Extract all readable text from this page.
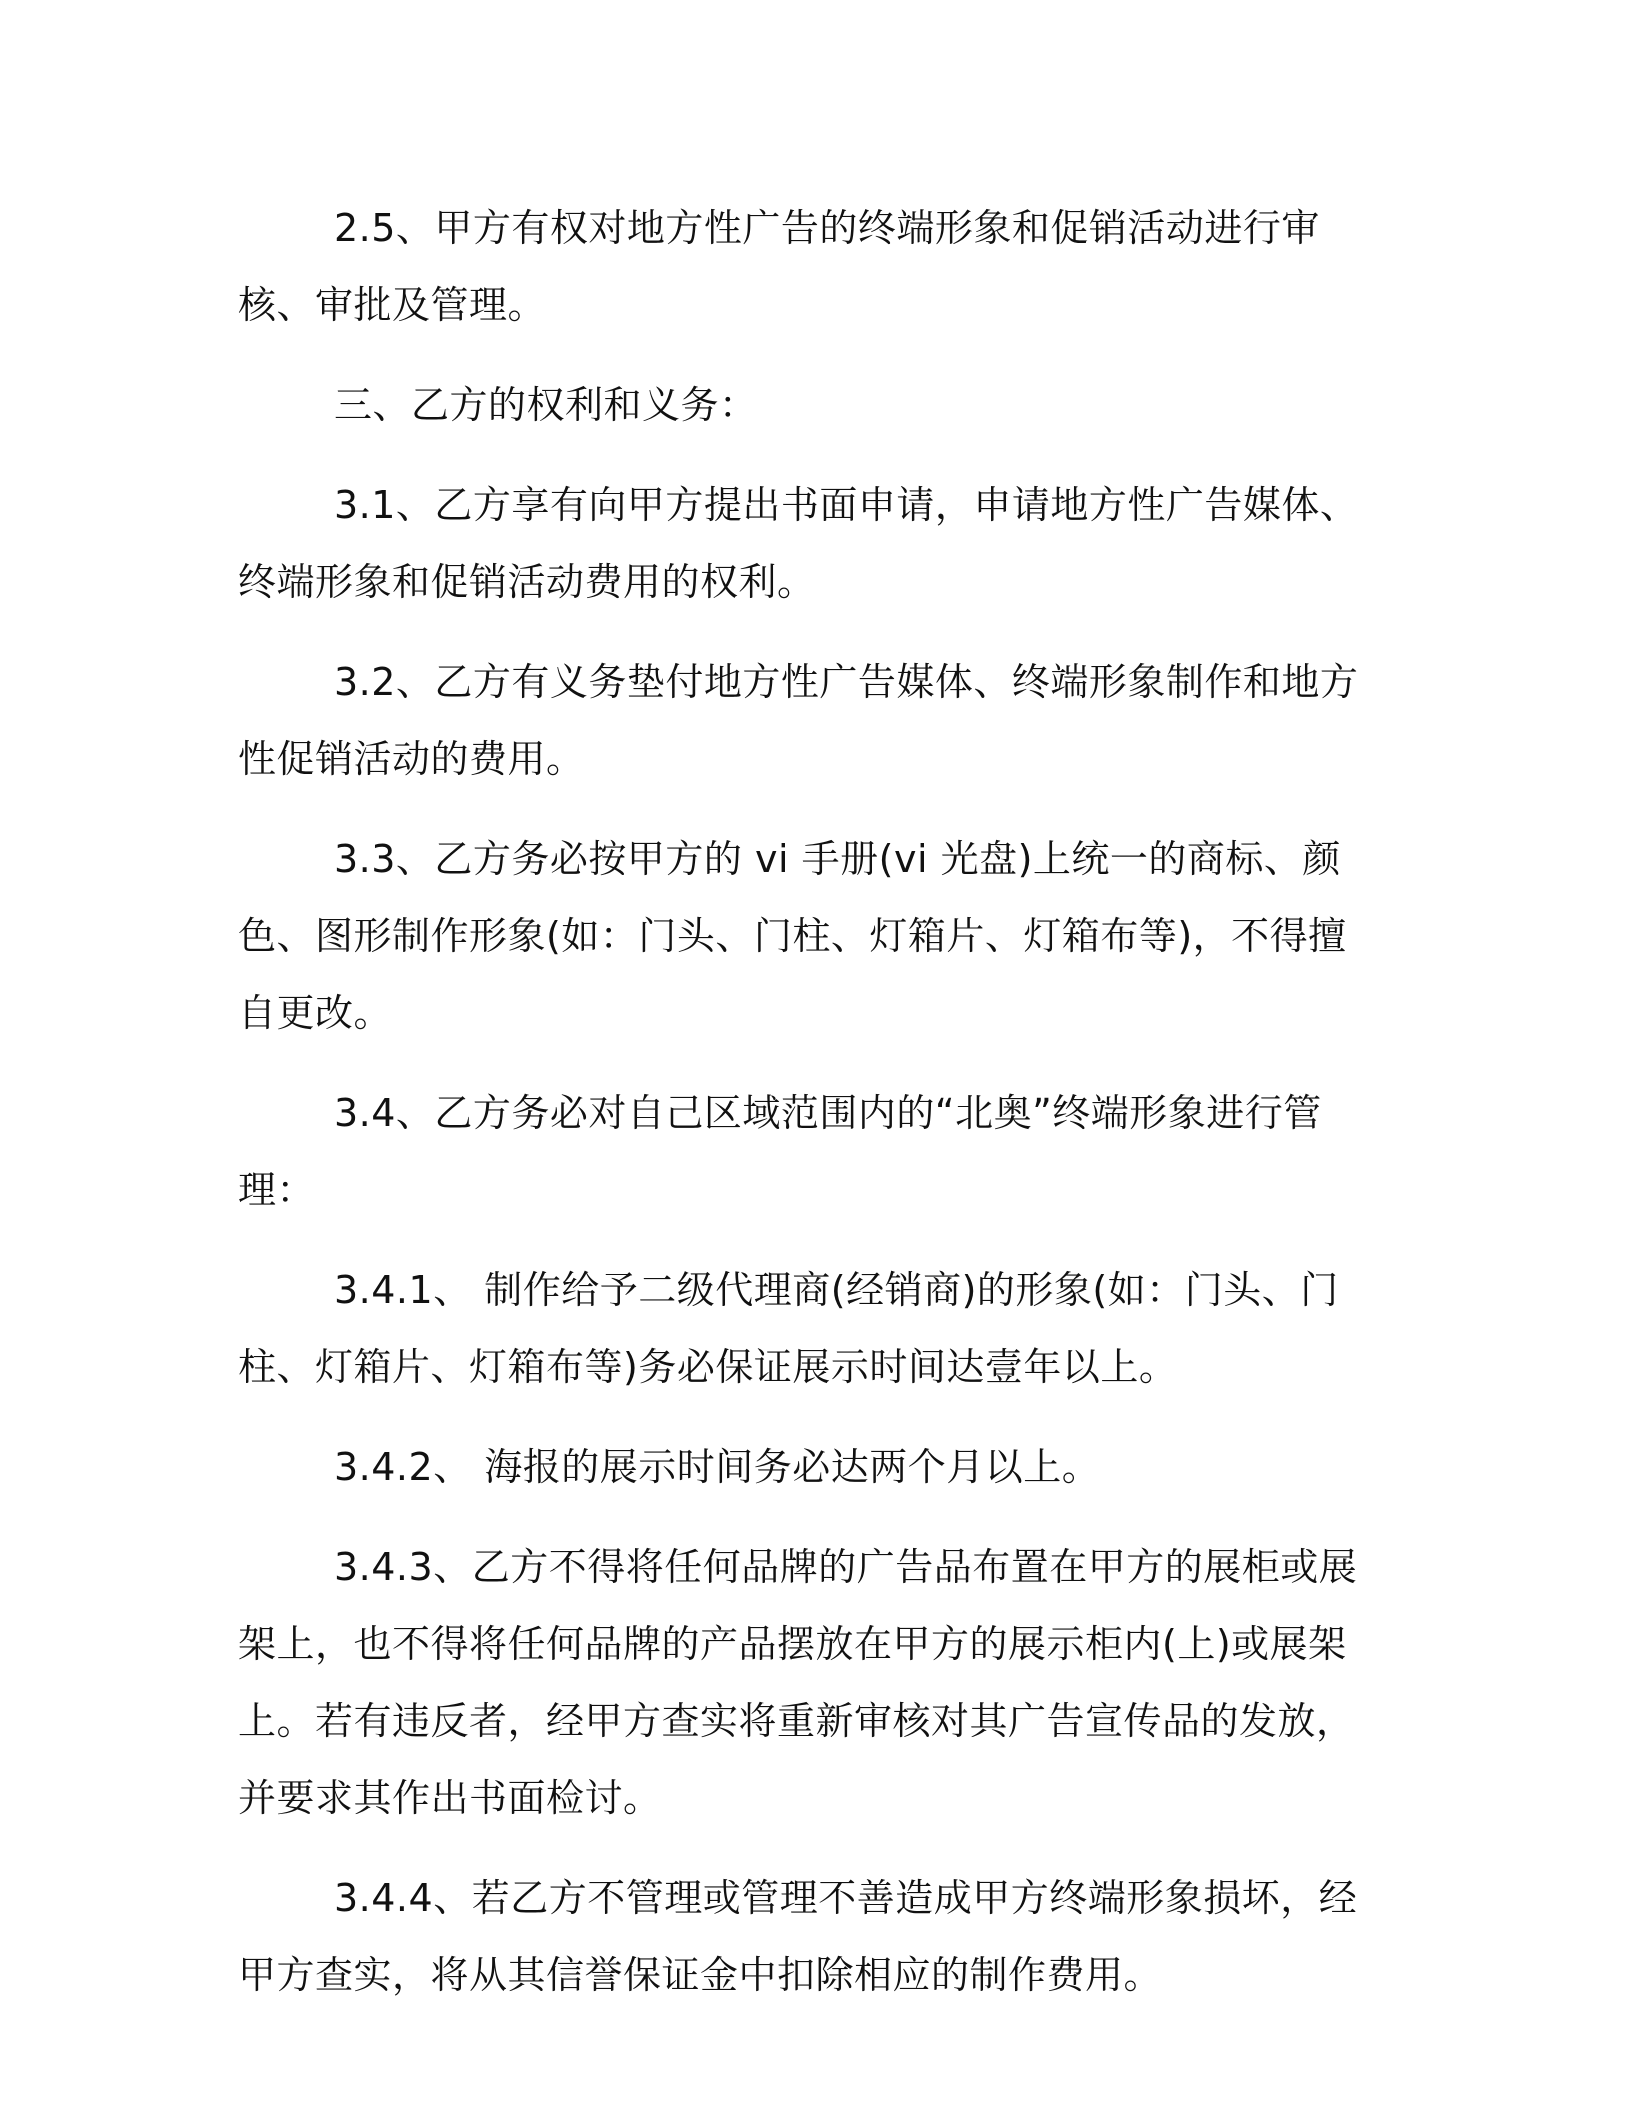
2.5、甲方有权对地方性广告的终端形象和促销活动进行审核、审批及管理。

三、乙方的权利和义务：

3.1、乙方享有向甲方提出书面申请，申请地方性广告媒体、终端形象和促销活动费用的权利。

3.2、乙方有义务垫付地方性广告媒体、终端形象制作和地方性促销活动的费用。

3.3、乙方务必按甲方的 vi 手册(vi 光盘)上统一的商标、颜色、图形制作形象(如：门头、门柱、灯箱片、灯箱布等)，不得擅自更改。

3.4、乙方务必对自己区域范围内的“北奥”终端形象进行管理：

3.4.1、 制作给予二级代理商(经销商)的形象(如：门头、门柱、灯箱片、灯箱布等)务必保证展示时间达壹年以上。

3.4.2、 海报的展示时间务必达两个月以上。

3.4.3、乙方不得将任何品牌的广告品布置在甲方的展柜或展架上，也不得将任何品牌的产品摆放在甲方的展示柜内(上)或展架上。若有违反者，经甲方查实将重新审核对其广告宣传品的发放，并要求其作出书面检讨。

3.4.4、若乙方不管理或管理不善造成甲方终端形象损坏，经甲方查实，将从其信誉保证金中扣除相应的制作费用。
